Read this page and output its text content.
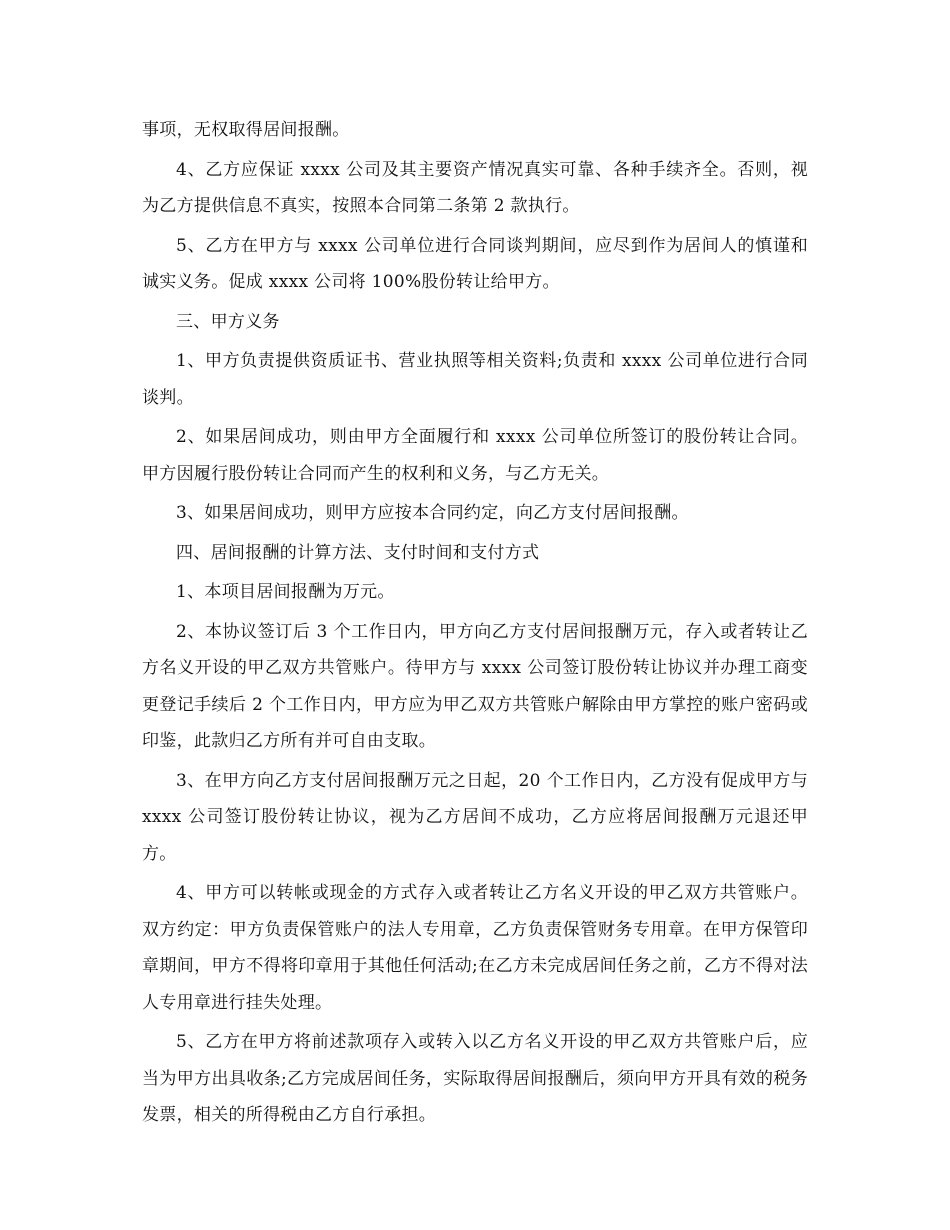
事项，无权取得居间报酬。

4、乙方应保证 xxxx 公司及其主要资产情况真实可靠、各种手续齐全。否则，视为乙方提供信息不真实，按照本合同第二条第 2 款执行。

5、乙方在甲方与 xxxx 公司单位进行合同谈判期间，应尽到作为居间人的慎谨和诚实义务。促成 xxxx 公司将 100%股份转让给甲方。

三、甲方义务

1、甲方负责提供资质证书、营业执照等相关资料;负责和 xxxx 公司单位进行合同谈判。

2、如果居间成功，则由甲方全面履行和 xxxx 公司单位所签订的股份转让合同。甲方因履行股份转让合同而产生的权利和义务，与乙方无关。

3、如果居间成功，则甲方应按本合同约定，向乙方支付居间报酬。

四、居间报酬的计算方法、支付时间和支付方式

1、本项目居间报酬为万元。

2、本协议签订后 3 个工作日内，甲方向乙方支付居间报酬万元，存入或者转让乙方名义开设的甲乙双方共管账户。待甲方与 xxxx 公司签订股份转让协议并办理工商变更登记手续后 2 个工作日内，甲方应为甲乙双方共管账户解除由甲方掌控的账户密码或印鉴，此款归乙方所有并可自由支取。

3、在甲方向乙方支付居间报酬万元之日起，20 个工作日内，乙方没有促成甲方与 xxxx 公司签订股份转让协议，视为乙方居间不成功，乙方应将居间报酬万元退还甲方。

4、甲方可以转帐或现金的方式存入或者转让乙方名义开设的甲乙双方共管账户。双方约定：甲方负责保管账户的法人专用章，乙方负责保管财务专用章。在甲方保管印章期间，甲方不得将印章用于其他任何活动;在乙方未完成居间任务之前，乙方不得对法人专用章进行挂失处理。

5、乙方在甲方将前述款项存入或转入以乙方名义开设的甲乙双方共管账户后，应当为甲方出具收条;乙方完成居间任务，实际取得居间报酬后，须向甲方开具有效的税务发票，相关的所得税由乙方自行承担。
